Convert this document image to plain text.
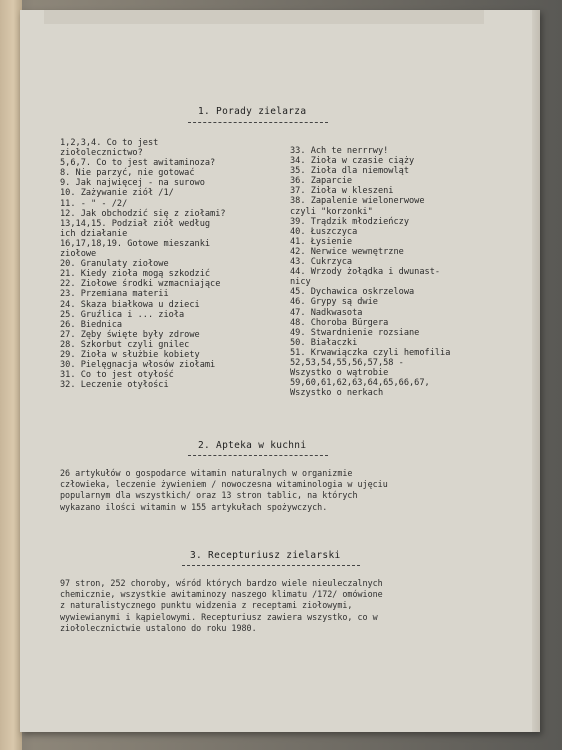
1. Porady zielarza
1,2,3,4. Co to jest
ziołolecznictwo?
5,6,7. Co to jest awitaminoza?
8. Nie parzyć, nie gotować
9. Jak najwięcej - na surowo
10. Zażywanie ziół /1/
11. - " - /2/
12. Jak obchodzić się z ziołami?
13,14,15. Podział ziół według
ich działanie
16,17,18,19. Gotowe mieszanki
ziołowe
20. Granulaty ziołowe
21. Kiedy zioła mogą szkodzić
22. Ziołowe środki wzmacniające
23. Przemiana materii
24. Skaza białkowa u dzieci
25. Gruźlica i ... zioła
26. Biednica
27. Zęby święte były zdrowe
28. Szkorbut czyli gnilec
29. Zioła w służbie kobiety
30. Pielęgnacja włosów ziołami
31. Co to jest otyłość
32. Leczenie otyłości
33. Ach te nerrrwy!
34. Zioła w czasie ciąży
35. Zioła dla niemowląt
36. Zaparcie
37. Zioła w kleszeni
38. Zapalenie wielonerwowe
czyli "korzonki"
39. Trądzik młodzieńczy
40. Łuszczyca
41. Łysienie
42. Nerwice wewnętrzne
43. Cukrzyca
44. Wrzody żołądka i dwunast-
nicy
45. Dychawica oskrzelowa
46. Grypy są dwie
47. Nadkwasota
48. Choroba Bürgera
49. Stwardnienie rozsiane
50. Białaczki
51. Krwawiączka czyli hemofilia
52,53,54,55,56,57,58 -
Wszystko o wątrobie
59,60,61,62,63,64,65,66,67,
Wszystko o nerkach
2. Apteka w kuchni
26 artykułów o gospodarce witamin naturalnych w organizmie
człowieka, leczenie żywieniem / nowoczesna witaminologia w ujęciu
popularnym dla wszystkich/ oraz 13 stron tablic, na których
wykazano ilości witamin w 155 artykułach spożywczych.
3. Recepturiusz zielarski
97 stron, 252 choroby, wśród których bardzo wiele nieuleczalnych
chemicznie, wszystkie awitaminozy naszego klimatu /172/ omówione
z naturalistycznego punktu widzenia z receptami ziołowymi,
wywiewianymi i kąpielowymi. Recepturiusz zawiera wszystko, co w
ziołolecznictwie ustalono do roku 1980.
